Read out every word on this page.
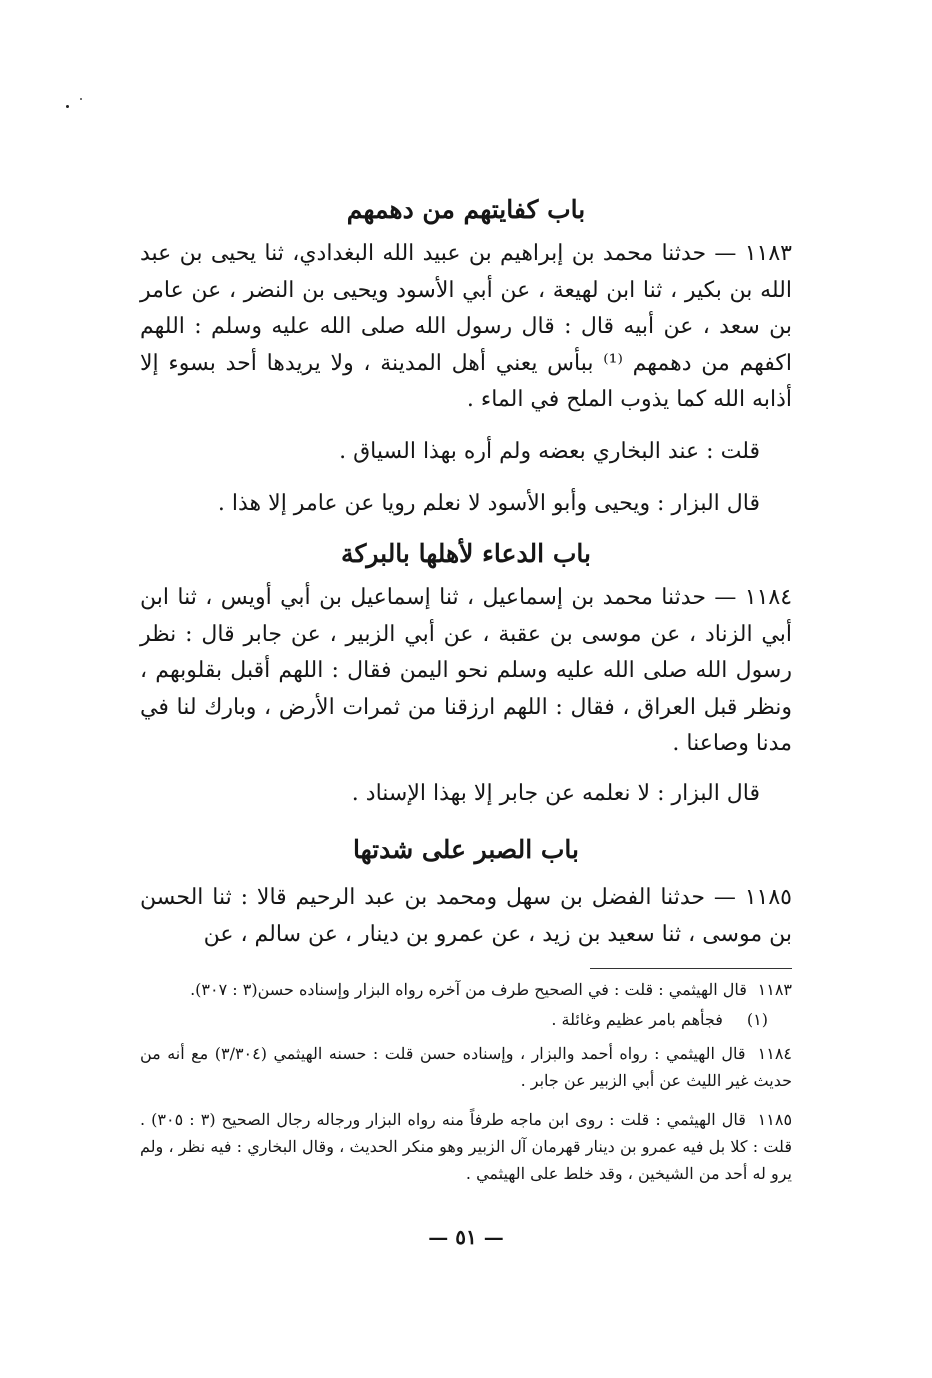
باب كفايتهم من دهمهم

١١٨٣ — حدثنا محمد بن إبراهيم بن عبيد الله البغدادي، ثنا يحيى بن عبد الله بن بكير ، ثنا ابن لهيعة ، عن أبي الأسود ويحيى بن النضر ، عن عامر بن سعد ، عن أبيه قال : قال رسول الله صلى الله عليه وسلم : اللهم اكفهم من دهمهم ⁽¹⁾ ببأس يعني أهل المدينة ، ولا يريدها أحد بسوء إلا أذابه الله كما يذوب الملح في الماء .

قلت : عند البخاري بعضه ولم أره بهذا السياق .
قال البزار : ويحيى وأبو الأسود لا نعلم رويا عن عامر إلا هذا .
باب الدعاء لأهلها بالبركة

١١٨٤ — حدثنا محمد بن إسماعيل ، ثنا إسماعيل بن أبي أويس ، ثنا ابن أبي الزناد ، عن موسى بن عقبة ، عن أبي الزبير ، عن جابر قال : نظر رسول الله صلى الله عليه وسلم نحو اليمن فقال : اللهم أقبل بقلوبهم ، ونظر قبل العراق ، فقال : اللهم ارزقنا من ثمرات الأرض ، وبارك لنا في مدنا وصاعنا .

قال البزار : لا نعلمه عن جابر إلا بهذا الإسناد .
باب الصبر على شدتها

١١٨٥ — حدثنا الفضل بن سهل ومحمد بن عبد الرحيم قالا : ثنا الحسن بن موسى ، ثنا سعيد بن زيد ، عن عمرو بن دينار ، عن سالم ، عن

١١٨٣ قال الهيثمي : قلت : في الصحيح طرف من آخره رواه البزار وإسناده حسن(٣ : ٣٠٧).
(١) فجأهم بامر عظيم وغائلة .
١١٨٤ قال الهيثمي : رواه أحمد والبزار ، وإسناده حسن قلت : حسنه الهيثمي (٣/٣٠٤) مع أنه من حديث غير الليث عن أبي الزبير عن جابر .
١١٨٥ قال الهيثمي : قلت : روى ابن ماجه طرفاً منه رواه البزار ورجاله رجال الصحيح (٣ : ٣٠٥) . قلت : كلا بل فيه عمرو بن دينار قهرمان آل الزبير وهو منكر الحديث ، وقال البخاري : فيه نظر ، ولم يرو له أحد من الشيخين ، وقد خلط على الهيثمي .
— ٥١ —
